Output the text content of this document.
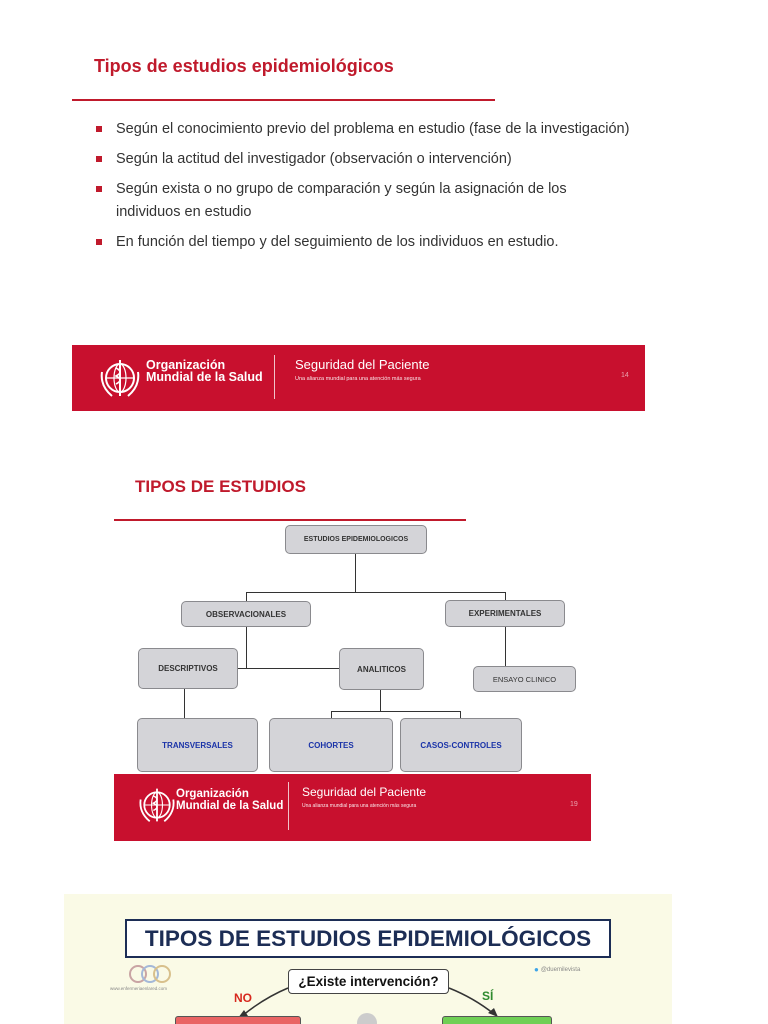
Tipos de estudios epidemiológicos
Según el conocimiento previo del problema en estudio (fase de la investigación)
Según la actitud del investigador (observación o intervención)
Según exista o no grupo de comparación y según la asignación de los individuos en estudio
En función del tiempo y del seguimiento de los individuos en estudio.
Organización
Mundial de la Salud
Seguridad del Paciente
Una alianza mundial para una atención más segura	14
TIPOS DE ESTUDIOS
ESTUDIOS EPIDEMIOLOGICOS
OBSERVACIONALES	EXPERIMENTALES
DESCRIPTIVOS	ANALITICOS
ENSAYO CLINICO
TRANSVERSALES	COHORTES	CASOS-CONTROLES
Organización
Mundial de la Salud
Seguridad del Paciente
Una alianza mundial para una atención más segura	19
TIPOS DE ESTUDIOS EPIDEMIOLÓGICOS
www.enfermeriaenlared.com
● @duemilevista
¿Existe intervención?
NO	SÍ
